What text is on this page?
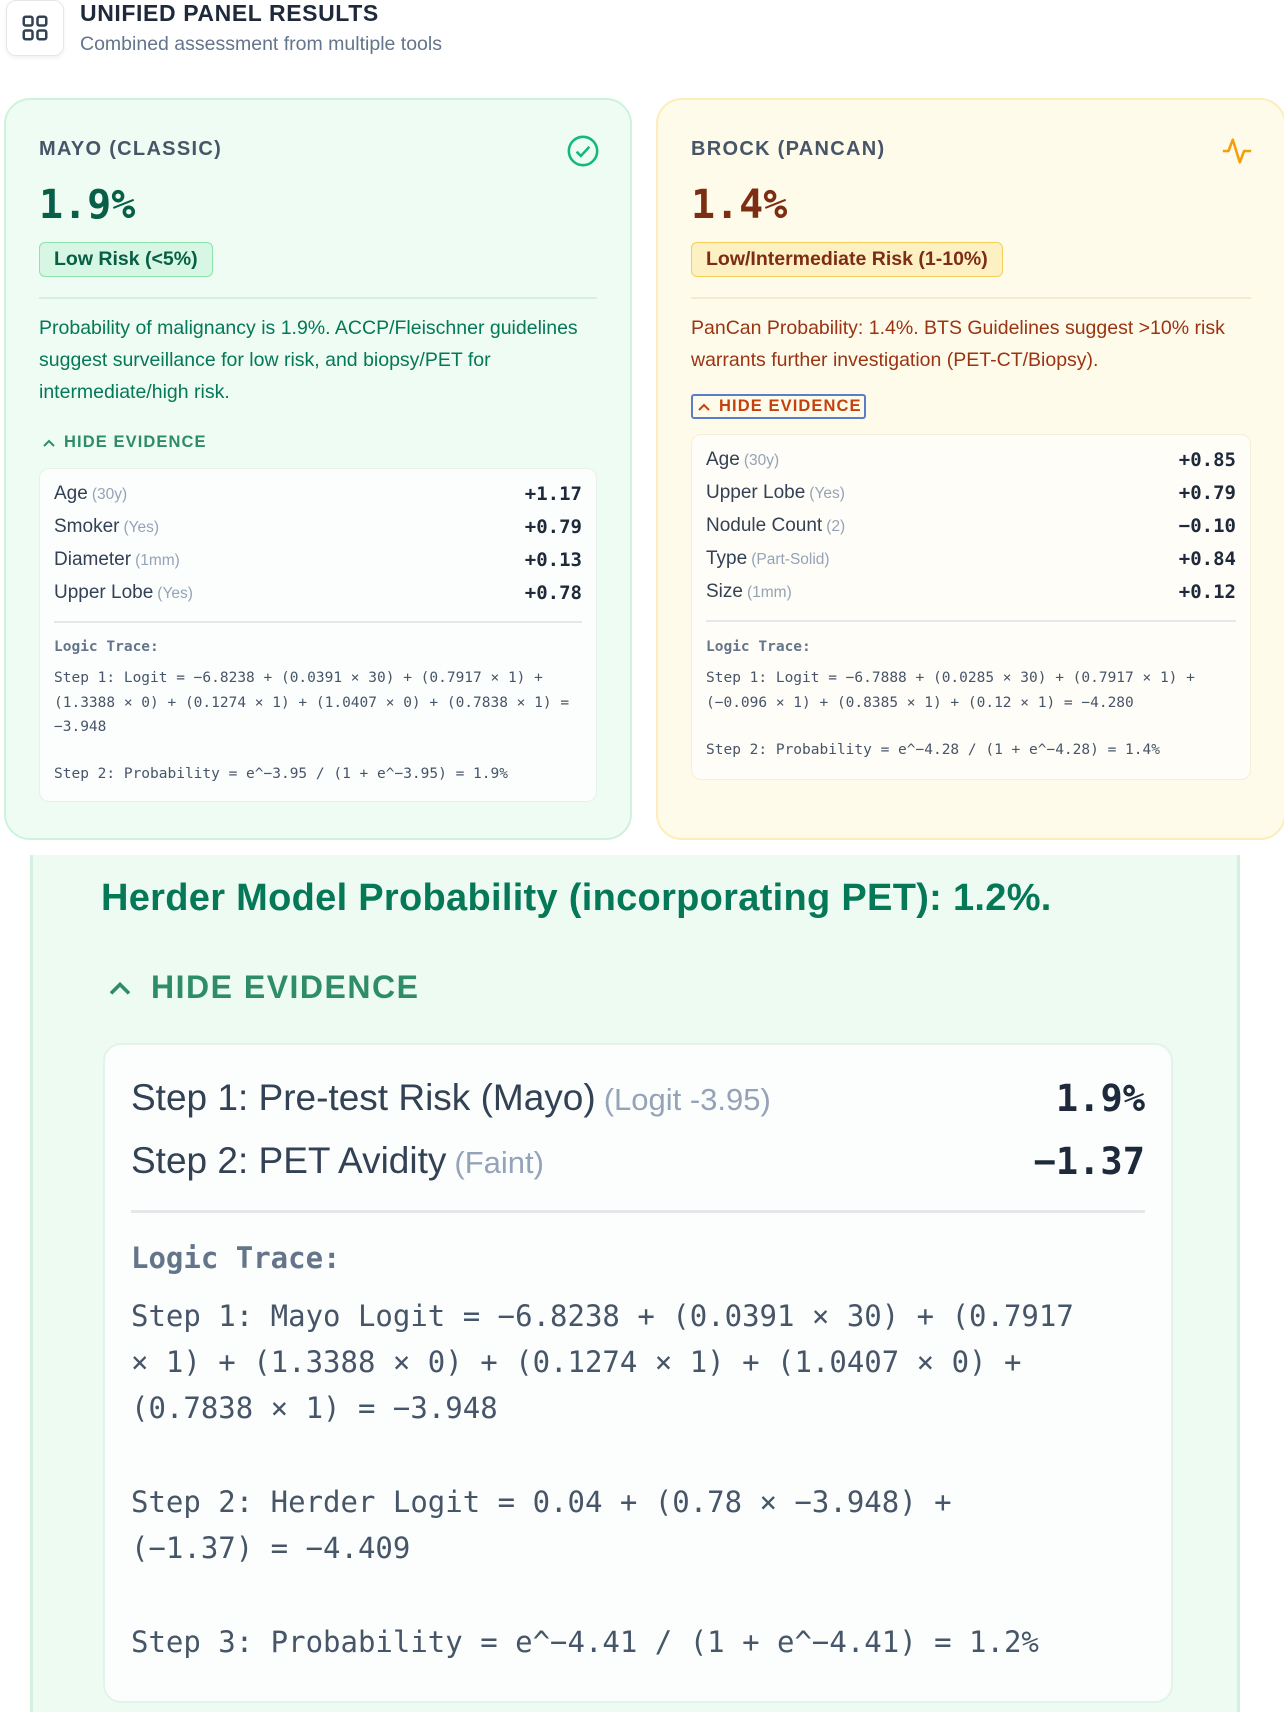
UNIFIED PANEL RESULTS
Combined assessment from multiple tools
MAYO (CLASSIC)
1.9%
Low Risk (<5%)
Probability of malignancy is 1.9%. ACCP/Fleischner guidelines suggest surveillance for low risk, and biopsy/PET for intermediate/high risk.
HIDE EVIDENCE
Age (30y)	+1.17
Smoker (Yes)	+0.79
Diameter (1mm)	+0.13
Upper Lobe (Yes)	+0.78
Logic Trace:
Step 1: Logit = −6.8238 + (0.0391 × 30) + (0.7917 × 1) + (1.3388 × 0) + (0.1274 × 1) + (1.0407 × 0) + (0.7838 × 1) = −3.948
Step 2: Probability = e^−3.95 / (1 + e^−3.95) = 1.9%
BROCK (PANCAN)
1.4%
Low/Intermediate Risk (1-10%)
PanCan Probability: 1.4%. BTS Guidelines suggest >10% risk warrants further investigation (PET-CT/Biopsy).
HIDE EVIDENCE
Age (30y)	+0.85
Upper Lobe (Yes)	+0.79
Nodule Count (2)	−0.10
Type (Part-Solid)	+0.84
Size (1mm)	+0.12
Logic Trace:
Step 1: Logit = −6.7888 + (0.0285 × 30) + (0.7917 × 1) + (−0.096 × 1) + (0.8385 × 1) + (0.12 × 1) = −4.280
Step 2: Probability = e^−4.28 / (1 + e^−4.28) = 1.4%
Herder Model Probability (incorporating PET): 1.2%.
HIDE EVIDENCE
Step 1: Pre-test Risk (Mayo) (Logit -3.95)	1.9%
Step 2: PET Avidity (Faint)	−1.37
Logic Trace:
Step 1: Mayo Logit = −6.8238 + (0.0391 × 30) + (0.7917 × 1) + (1.3388 × 0) + (0.1274 × 1) + (1.0407 × 0) + (0.7838 × 1) = −3.948
Step 2: Herder Logit = 0.04 + (0.78 × −3.948) + (−1.37) = −4.409
Step 3: Probability = e^−4.41 / (1 + e^−4.41) = 1.2%
